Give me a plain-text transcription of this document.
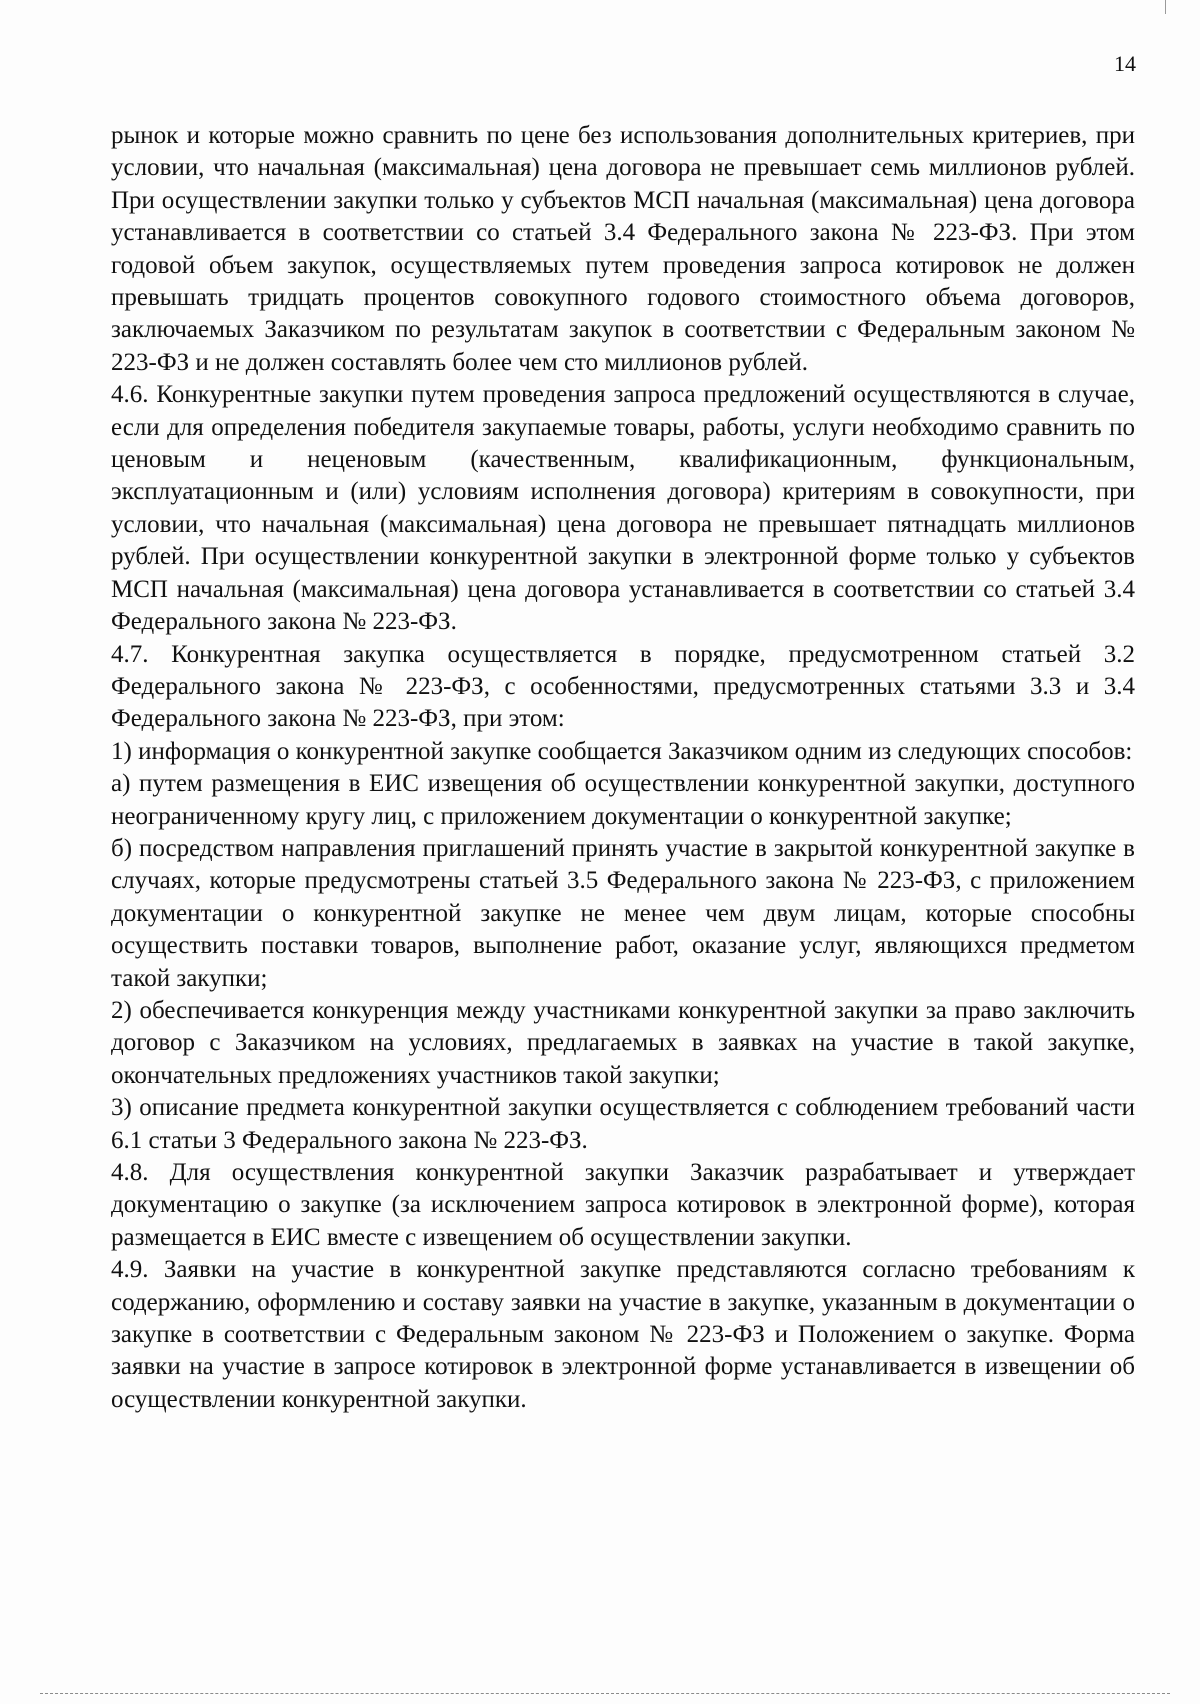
14

рынок и которые можно сравнить по цене без использования дополнительных критериев, при условии, что начальная (максимальная) цена договора не превышает семь миллионов рублей. При осуществлении закупки только у субъектов МСП начальная (максимальная) цена договора устанавливается в соответствии со статьей 3.4 Федерального закона № 223-ФЗ. При этом годовой объем закупок, осуществляемых путем проведения запроса котировок не должен превышать тридцать процентов совокупного годового стоимостного объема договоров, заключаемых Заказчиком по результатам закупок в соответствии с Федеральным законом № 223-ФЗ и не должен составлять более чем сто миллионов рублей.

4.6. Конкурентные закупки путем проведения запроса предложений осуществляются в случае, если для определения победителя закупаемые товары, работы, услуги необходимо сравнить по ценовым и неценовым (качественным, квалификационным, функциональным, эксплуатационным и (или) условиям исполнения договора) критериям в совокупности, при условии, что начальная (максимальная) цена договора не превышает пятнадцать миллионов рублей. При осуществлении конкурентной закупки в электронной форме только у субъектов МСП начальная (максимальная) цена договора устанавливается в соответствии со статьей 3.4 Федерального закона № 223-ФЗ.

4.7. Конкурентная закупка осуществляется в порядке, предусмотренном статьей 3.2 Федерального закона № 223-ФЗ, с особенностями, предусмотренных статьями 3.3 и 3.4 Федерального закона № 223-ФЗ, при этом:

1) информация о конкурентной закупке сообщается Заказчиком одним из следующих способов:

а) путем размещения в ЕИС извещения об осуществлении конкурентной закупки, доступного неограниченному кругу лиц, с приложением документации о конкурентной закупке;

б) посредством направления приглашений принять участие в закрытой конкурентной закупке в случаях, которые предусмотрены статьей 3.5 Федерального закона № 223-ФЗ, с приложением документации о конкурентной закупке не менее чем двум лицам, которые способны осуществить поставки товаров, выполнение работ, оказание услуг, являющихся предметом такой закупки;

2) обеспечивается конкуренция между участниками конкурентной закупки за право заключить договор с Заказчиком на условиях, предлагаемых в заявках на участие в такой закупке, окончательных предложениях участников такой закупки;

3) описание предмета конкурентной закупки осуществляется с соблюдением требований части 6.1 статьи 3 Федерального закона № 223-ФЗ.

4.8. Для осуществления конкурентной закупки Заказчик разрабатывает и утверждает документацию о закупке (за исключением запроса котировок в электронной форме), которая размещается в ЕИС вместе с извещением об осуществлении закупки.

4.9. Заявки на участие в конкурентной закупке представляются согласно требованиям к содержанию, оформлению и составу заявки на участие в закупке, указанным в документации о закупке в соответствии с Федеральным законом № 223-ФЗ и Положением о закупке. Форма заявки на участие в запросе котировок в электронной форме устанавливается в извещении об осуществлении конкурентной закупки.
